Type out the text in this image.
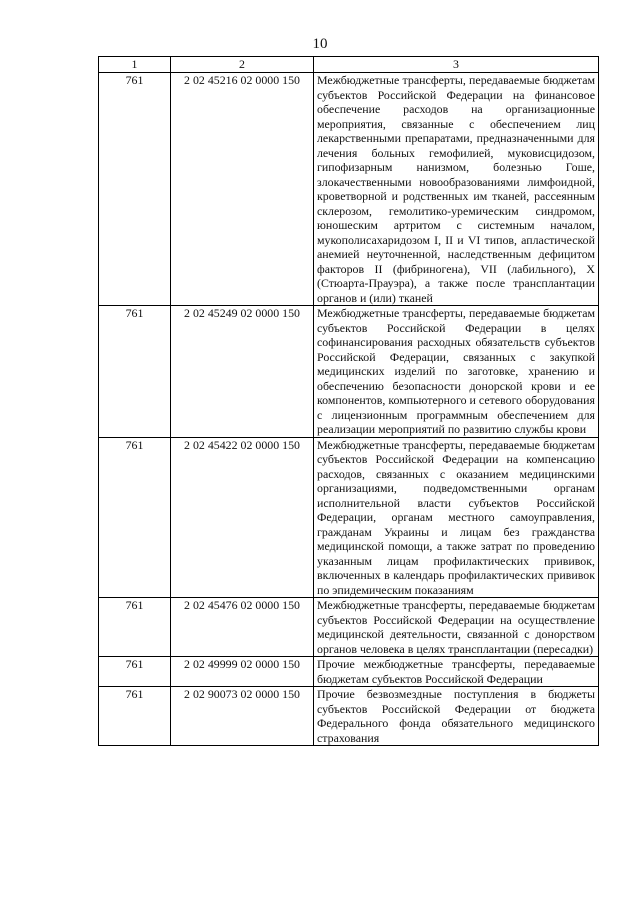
10
1	2	3
761	2 02 45216 02 0000 150	Межбюджетные трансферты, передаваемые бюджетам субъектов Российской Федерации на финансовое обеспечение расходов на организационные мероприятия, связанные с обеспечением лиц лекарственными препаратами, предназначенными для лечения больных гемофилией, муковисцидозом, гипофизарным нанизмом, болезнью Гоше, злокачественными новообразованиями лимфоидной, кроветворной и родственных им тканей, рассеянным склерозом, гемолитико-уремическим синдромом, юношеским артритом с системным началом, мукополисахаридозом I, II и VI типов, апластической анемией неуточненной, наследственным дефицитом факторов II (фибриногена), VII (лабильного), X (Стюарта-Прауэра), а также после трансплантации органов и (или) тканей
761	2 02 45249 02 0000 150	Межбюджетные трансферты, передаваемые бюджетам субъектов Российской Федерации в целях софинансирования расходных обязательств субъектов Российской Федерации, связанных с закупкой медицинских изделий по заготовке, хранению и обеспечению безопасности донорской крови и ее компонентов, компьютерного и сетевого оборудования с лицензионным программным обеспечением для реализации мероприятий по развитию службы крови
761	2 02 45422 02 0000 150	Межбюджетные трансферты, передаваемые бюджетам субъектов Российской Федерации на компенсацию расходов, связанных с оказанием медицинскими организациями, подведомственными органам исполнительной власти субъектов Российской Федерации, органам местного самоуправления, гражданам Украины и лицам без гражданства медицинской помощи, а также затрат по проведению указанным лицам профилактических прививок, включенных в календарь профилактических прививок по эпидемическим показаниям
761	2 02 45476 02 0000 150	Межбюджетные трансферты, передаваемые бюджетам субъектов Российской Федерации на осуществление медицинской деятельности, связанной с донорством органов человека в целях трансплантации (пересадки)
761	2 02 49999 02 0000 150	Прочие межбюджетные трансферты, передаваемые бюджетам субъектов Российской Федерации
761	2 02 90073 02 0000 150	Прочие безвозмездные поступления в бюджеты субъектов Российской Федерации от бюджета Федерального фонда обязательного медицинского страхования
